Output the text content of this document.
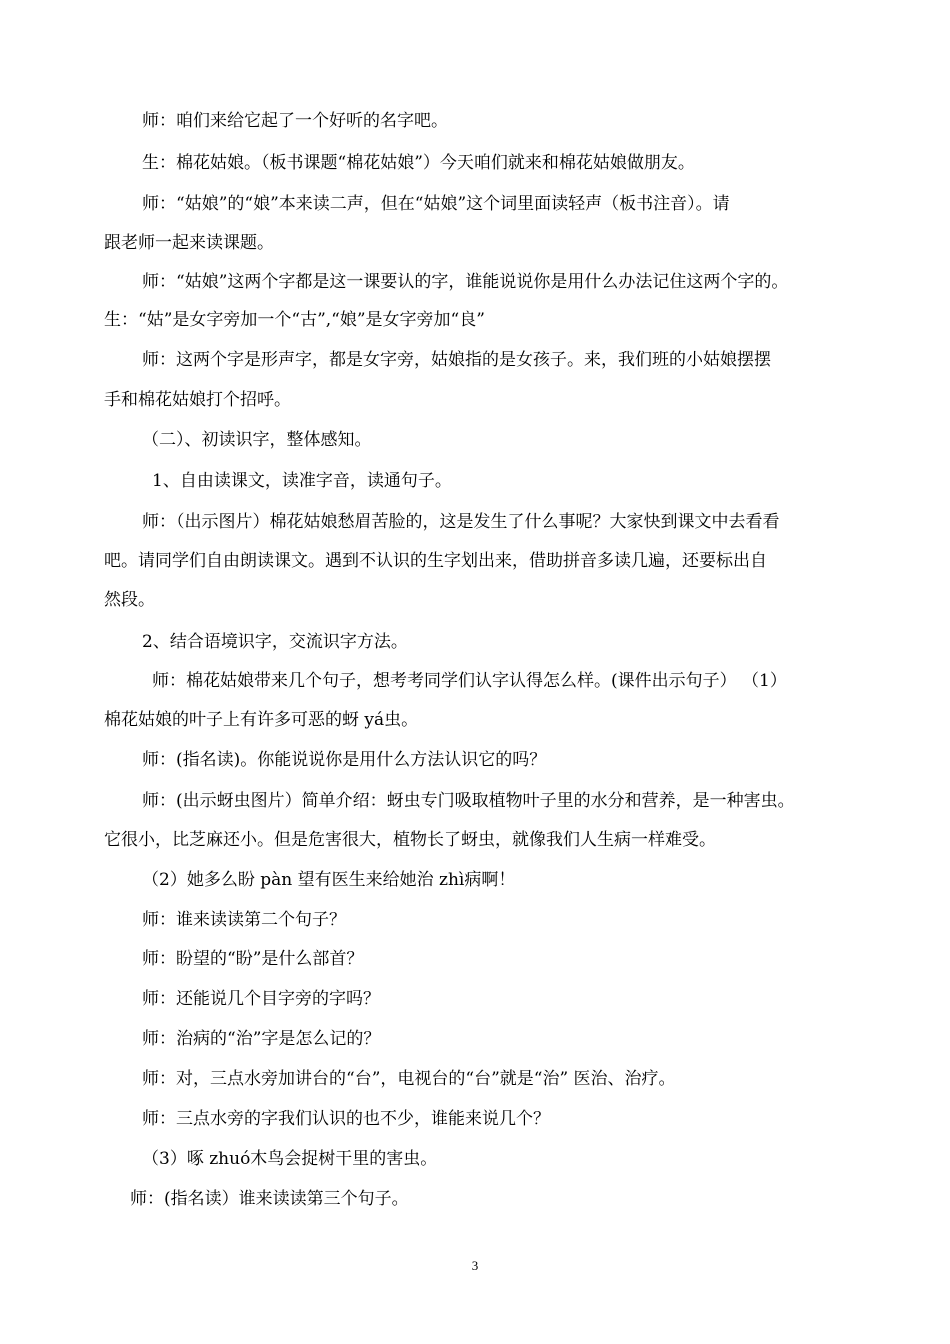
师：咱们来给它起了一个好听的名字吧。
生：棉花姑娘。（板书课题“棉花姑娘”）今天咱们就来和棉花姑娘做朋友。
师：“姑娘”的“娘”本来读二声，但在“姑娘”这个词里面读轻声（板书注音）。请
跟老师一起来读课题。
师：“姑娘”这两个字都是这一课要认的字，谁能说说你是用什么办法记住这两个字的。
生：“姑”是女字旁加一个“古”,“娘”是女字旁加“良”
师：这两个字是形声字，都是女字旁，姑娘指的是女孩子。来，我们班的小姑娘摆摆
手和棉花姑娘打个招呼。
（二）、初读识字，整体感知。
1、自由读课文，读准字音，读通句子。
师：（出示图片）棉花姑娘愁眉苦脸的，这是发生了什么事呢？大家快到课文中去看看
吧。请同学们自由朗读课文。遇到不认识的生字划出来，借助拼音多读几遍，还要标出自
然段。
2、结合语境识字，交流识字方法。
师：棉花姑娘带来几个句子，想考考同学们认字认得怎么样。(课件出示句子） （1）
棉花姑娘的叶子上有许多可恶的蚜 yá虫。
师：(指名读)。你能说说你是用什么方法认识它的吗？
师：(出示蚜虫图片）简单介绍：蚜虫专门吸取植物叶子里的水分和营养，是一种害虫。
它很小，比芝麻还小。但是危害很大，植物长了蚜虫，就像我们人生病一样难受。
（2）她多么盼 pàn 望有医生来给她治 zhì病啊！
师：谁来读读第二个句子？
师：盼望的“盼”是什么部首？
师：还能说几个目字旁的字吗？
师：治病的“治”字是怎么记的？
师：对，三点水旁加讲台的“台”，电视台的“台”就是“治” 医治、治疗。
师：三点水旁的字我们认识的也不少，谁能来说几个？
（3）啄 zhuó木鸟会捉树干里的害虫。
师：(指名读）谁来读读第三个句子。
3
